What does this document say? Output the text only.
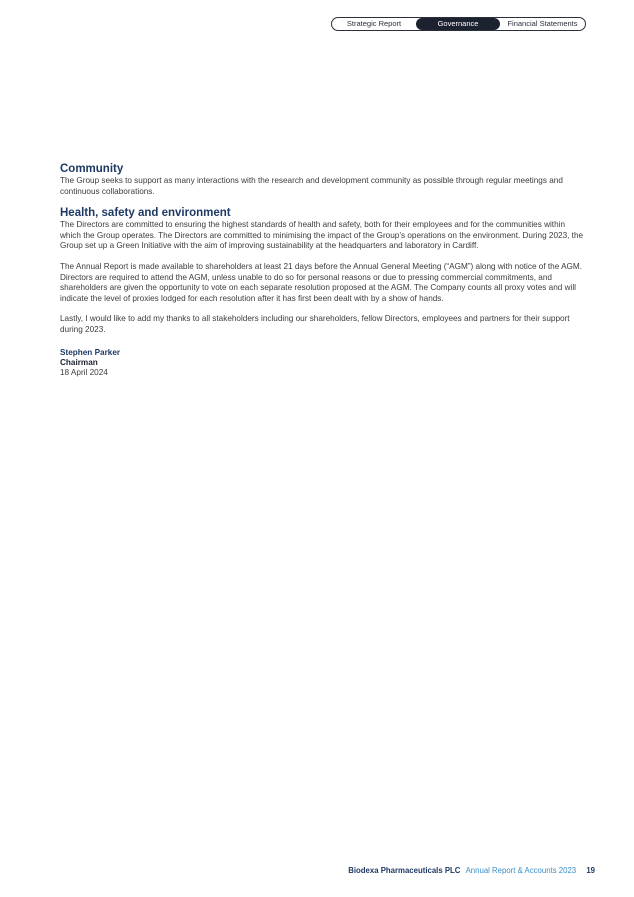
Strategic Report	Governance	Financial Statements
Community

The Group seeks to support as many interactions with the research and development community as possible through regular meetings and continuous collaborations.

Health, safety and environment

The Directors are committed to ensuring the highest standards of health and safety, both for their employees and for the communities within which the Group operates. The Directors are committed to minimising the impact of the Group’s operations on the environment. During 2023, the Group set up a Green Initiative with the aim of improving sustainability at the headquarters and laboratory in Cardiff.

The Annual Report is made available to shareholders at least 21 days before the Annual General Meeting (“AGM”) along with notice of the AGM. Directors are required to attend the AGM, unless unable to do so for personal reasons or due to pressing commercial commitments, and shareholders are given the opportunity to vote on each separate resolution proposed at the AGM. The Company counts all proxy votes and will indicate the level of proxies lodged for each resolution after it has first been dealt with by a show of hands.

Lastly, I would like to add my thanks to all stakeholders including our shareholders, fellow Directors, employees and partners for their support during 2023.

Stephen Parker
Chairman
18 April 2024
Biodexa Pharmaceuticals PLC Annual Report & Accounts 2023 19
